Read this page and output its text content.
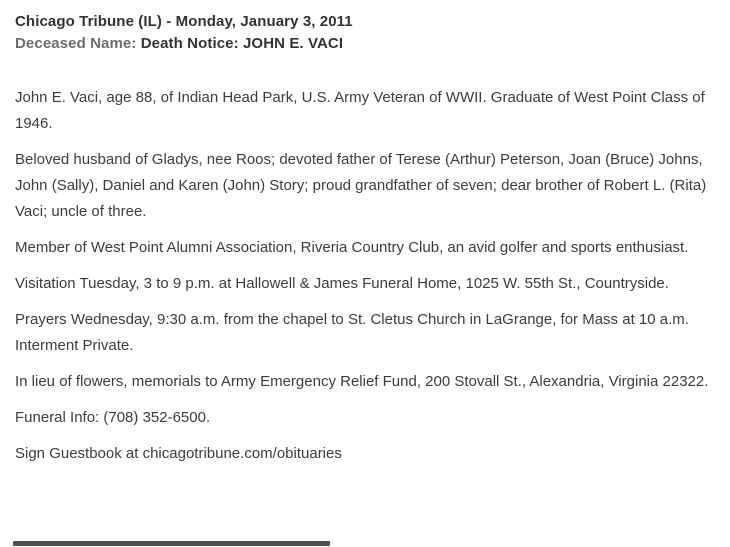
Chicago Tribune (IL) - Monday, January 3, 2011
Deceased Name: Death Notice: JOHN E. VACI

John E. Vaci, age 88, of Indian Head Park, U.S. Army Veteran of WWII. Graduate of West Point Class of 1946.

Beloved husband of Gladys, nee Roos; devoted father of Terese (Arthur) Peterson, Joan (Bruce) Johns, John (Sally), Daniel and Karen (John) Story; proud grandfather of seven; dear brother of Robert L. (Rita) Vaci; uncle of three.

Member of West Point Alumni Association, Riveria Country Club, an avid golfer and sports enthusiast.

Visitation Tuesday, 3 to 9 p.m. at Hallowell & James Funeral Home, 1025 W. 55th St., Countryside.

Prayers Wednesday, 9:30 a.m. from the chapel to St. Cletus Church in LaGrange, for Mass at 10 a.m. Interment Private.

In lieu of flowers, memorials to Army Emergency Relief Fund, 200 Stovall St., Alexandria, Virginia 22322.

Funeral Info: (708) 352-6500.

Sign Guestbook at chicagotribune.com/obituaries
